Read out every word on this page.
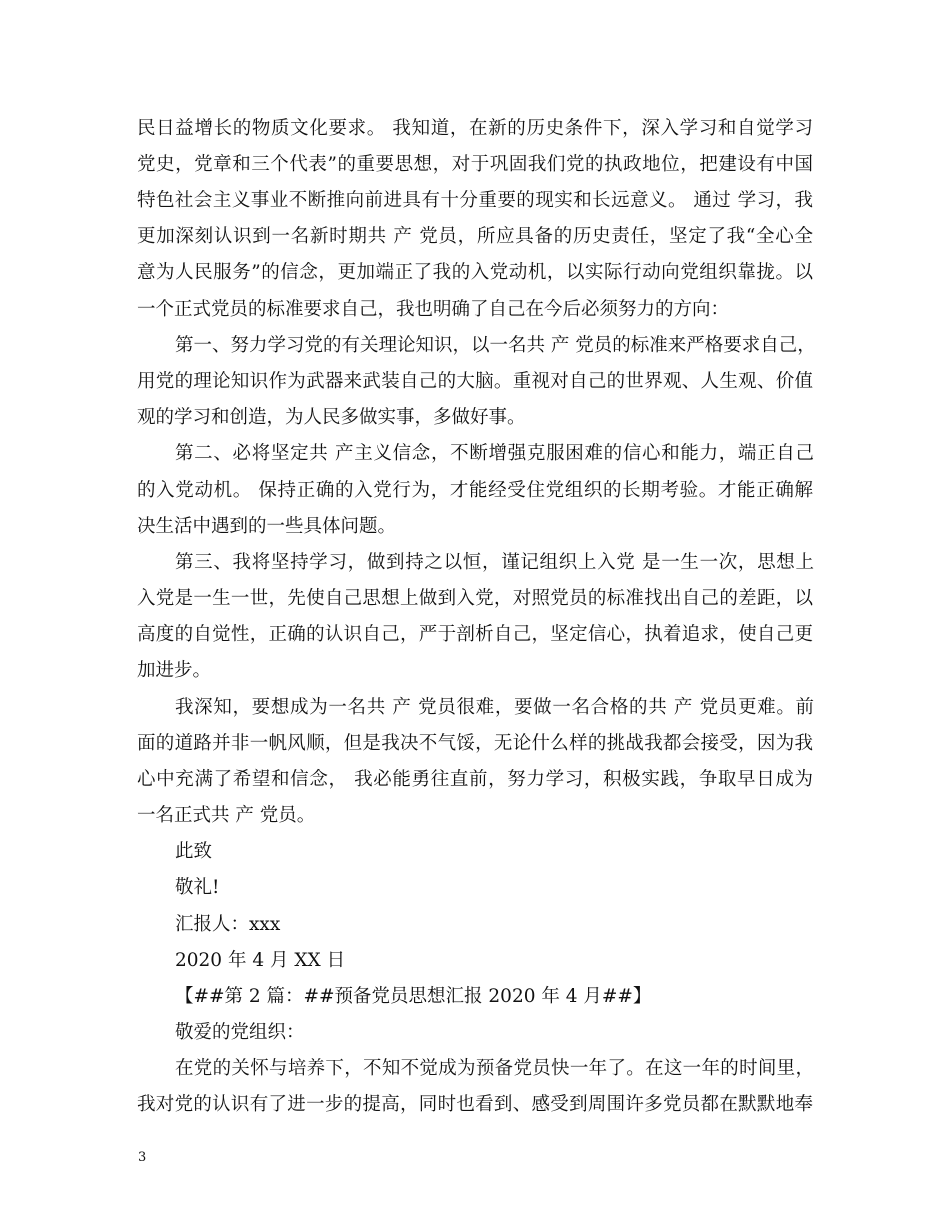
民日益增长的物质文化要求。 我知道，在新的历史条件下，深入学习和自觉学习
党史，党章和三个代表”的重要思想，对于巩固我们党的执政地位，把建设有中国
特色社会主义事业不断推向前进具有十分重要的现实和长远意义。 通过 学习，我
更加深刻认识到一名新时期共 产 党员，所应具备的历史责任，坚定了我“全心全
意为人民服务”的信念，更加端正了我的入党动机，以实际行动向党组织靠拢。以
一个正式党员的标准要求自己，我也明确了自己在今后必须努力的方向：
第一、努力学习党的有关理论知识，以一名共 产 党员的标准来严格要求自己，
用党的理论知识作为武器来武装自己的大脑。重视对自己的世界观、人生观、价值
观的学习和创造，为人民多做实事，多做好事。
第二、必将坚定共 产主义信念，不断增强克服困难的信心和能力，端正自己
的入党动机。 保持正确的入党行为，才能经受住党组织的长期考验。才能正确解
决生活中遇到的一些具体问题。
第三、我将坚持学习，做到持之以恒，谨记组织上入党 是一生一次，思想上
入党是一生一世，先使自己思想上做到入党，对照党员的标准找出自己的差距，以
高度的自觉性，正确的认识自己，严于剖析自己，坚定信心，执着追求，使自己更
加进步。
我深知，要想成为一名共 产 党员很难，要做一名合格的共 产 党员更难。前
面的道路并非一帆风顺，但是我决不气馁，无论什么样的挑战我都会接受，因为我
心中充满了希望和信念， 我必能勇往直前，努力学习，积极实践，争取早日成为
一名正式共 产 党员。
此致
敬礼!
汇报人：xxx
2020 年 4 月 XX 日
【##第 2 篇：##预备党员思想汇报 2020 年 4 月##】
敬爱的党组织：
在党的关怀与培养下，不知不觉成为预备党员快一年了。在这一年的时间里，
我对党的认识有了进一步的提高，同时也看到、感受到周围许多党员都在默默地奉
3
